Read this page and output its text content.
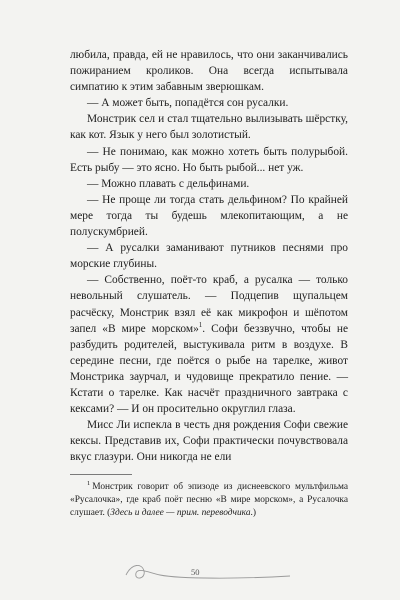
любила, правда, ей не нравилось, что они заканчивались пожиранием кроликов. Она всегда испытывала симпатию к этим забавным зверюшкам.

— А может быть, попадётся сон русалки.

Монстрик сел и стал тщательно вылизывать шёрстку, как кот. Язык у него был золотистый.

— Не понимаю, как можно хотеть быть полурыбой. Есть рыбу — это ясно. Но быть рыбой... нет уж.

— Можно плавать с дельфинами.

— Не проще ли тогда стать дельфином? По крайней мере тогда ты будешь млекопитающим, а не полускумбрией.

— А русалки заманивают путников песнями про морские глубины.

— Собственно, поёт-то краб, а русалка — только невольный слушатель. — Подцепив щупальцем расчёску, Монстрик взял её как микрофон и шёпотом запел «В мире морском»$^1$. Софи беззвучно, чтобы не разбудить родителей, выстукивала ритм в воздухе. В середине песни, где поётся о рыбе на тарелке, живот Монстрика заурчал, и чудовище прекратило пение. — Кстати о тарелке. Как насчёт праздничного завтрака с кексами? — И он просительно округлил глаза.

Мисс Ли испекла в честь дня рождения Софи свежие кексы. Представив их, Софи практически почувствовала вкус глазури. Они никогда не ели

$^1$ Монстрик говорит об эпизоде из диснеевского мультфильма «Русалочка», где краб поёт песню «В мире морском», а Русалочка слушает. (Здесь и далее — прим. переводчика.)
50
